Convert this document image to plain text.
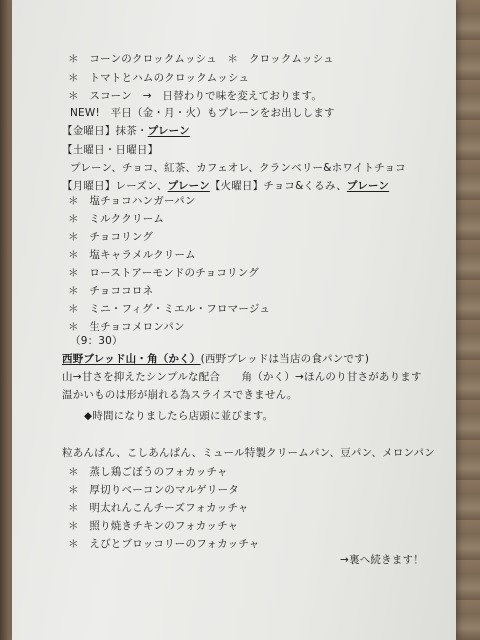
＊　コーンのクロックムッシュ　＊　クロックムッシュ
＊　トマトとハムのクロックムッシュ
＊　スコーン　→　日替わりで味を変えております。
NEW!　平日（金・月・火）もプレーンをお出しします
【金曜日】抹茶・プレーン
【土曜日・日曜日】
プレーン、チョコ、紅茶、カフェオレ、クランベリー&ホワイトチョコ
【月曜日】レーズン、プレーン【火曜日】チョコ&くるみ、プレーン
＊　塩チョコハンガーパン
＊　ミルククリーム
＊　チョコリング
＊　塩キャラメルクリーム
＊　ローストアーモンドのチョコリング
＊　チョココロネ
＊　ミニ・フィグ・ミエル・フロマージュ
＊　生チョコメロンパン
（9：30）
西野ブレッド山・角（かく）(西野ブレッドは当店の食パンです)
山→甘さを抑えたシンプルな配合　　角（かく）→ほんのり甘さがあります
温かいものは形が崩れる為スライスできません。
◆時間になりましたら店頭に並びます。
粒あんぱん、こしあんぱん、ミュール特製クリームパン、豆パン、メロンパン
＊　蒸し鶏ごぼうのフォカッチャ
＊　厚切りベーコンのマルゲリータ
＊　明太れんこんチーズフォカッチャ
＊　照り焼きチキンのフォカッチャ
＊　えびとブロッコリーのフォカッチャ
→裏へ続きます！
